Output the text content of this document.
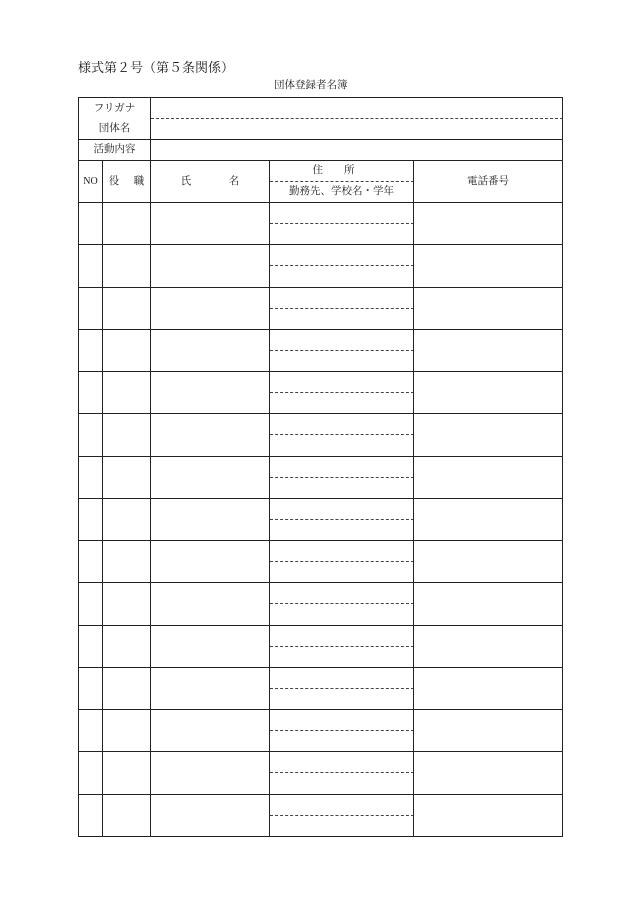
様式第２号（第５条関係）
団体登録者名簿
フリガナ
団体名
活動内容
NO	役　職	氏　　　名
住　　所
勤務先、学校名・学年
電話番号
